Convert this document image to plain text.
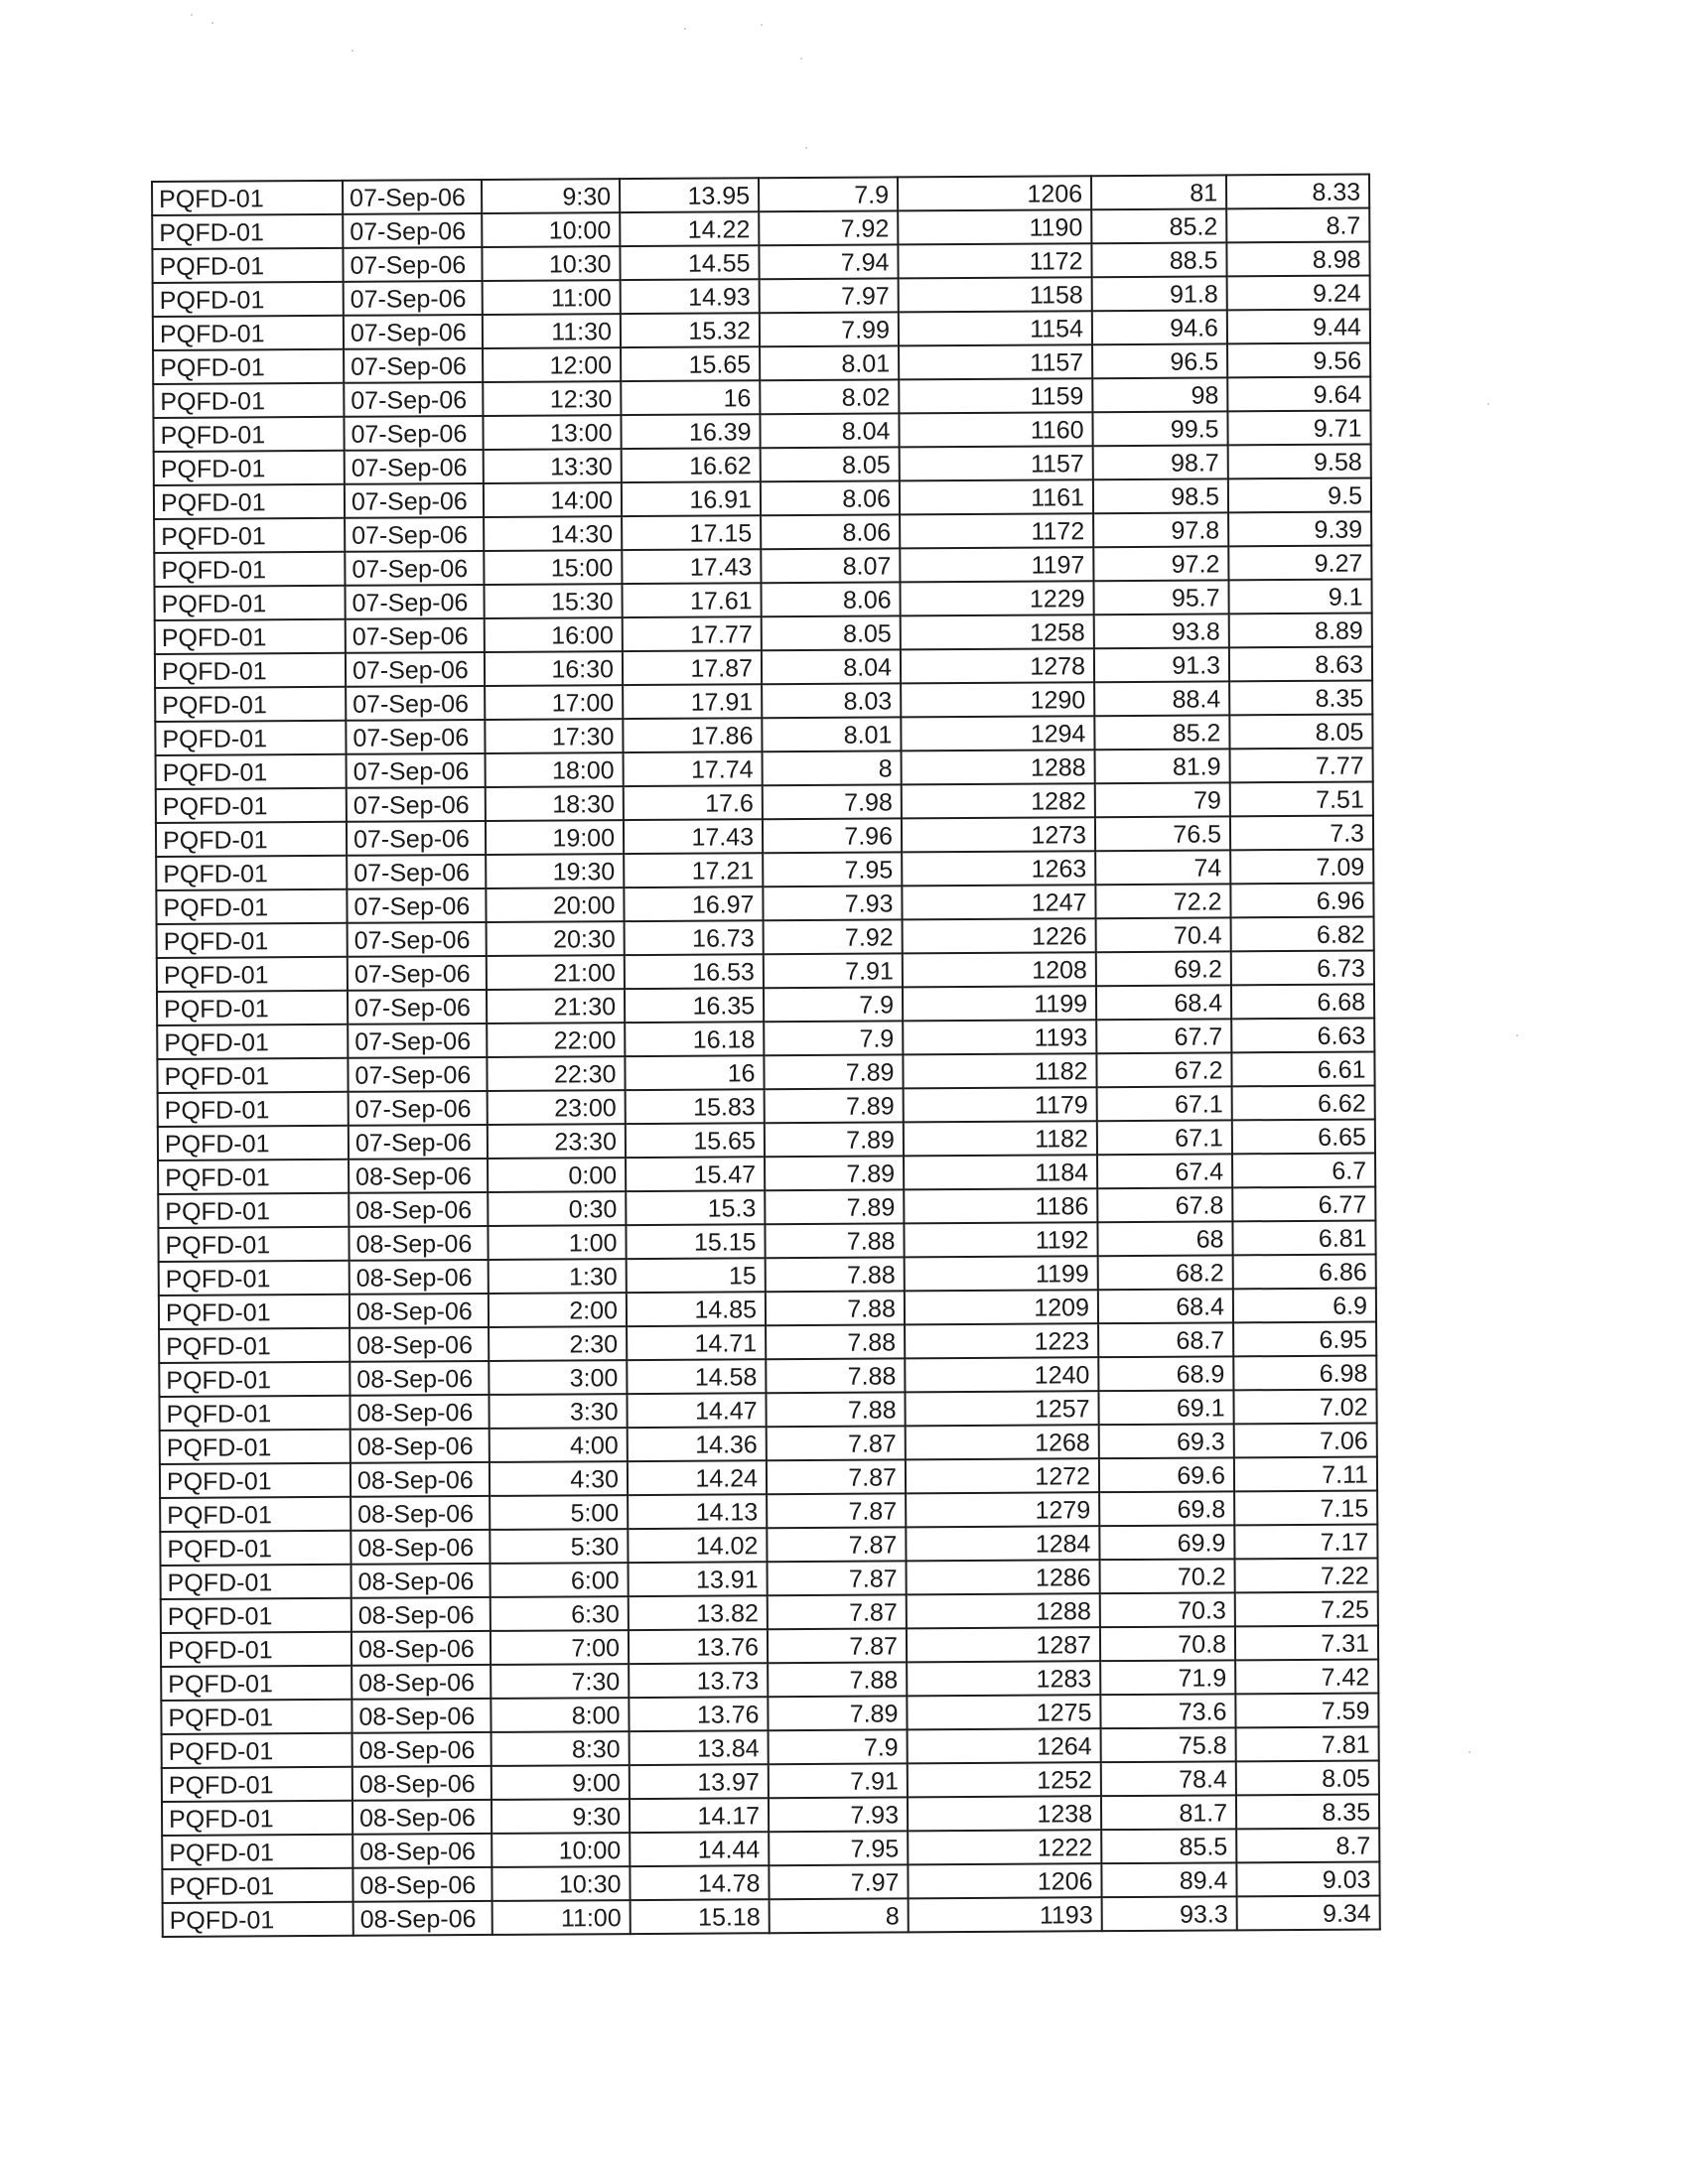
PQFD-01	07-Sep-06	9:30	13.95	7.9	1206	81	8.33
PQFD-01	07-Sep-06	10:00	14.22	7.92	1190	85.2	8.7
PQFD-01	07-Sep-06	10:30	14.55	7.94	1172	88.5	8.98
PQFD-01	07-Sep-06	11:00	14.93	7.97	1158	91.8	9.24
PQFD-01	07-Sep-06	11:30	15.32	7.99	1154	94.6	9.44
PQFD-01	07-Sep-06	12:00	15.65	8.01	1157	96.5	9.56
PQFD-01	07-Sep-06	12:30	16	8.02	1159	98	9.64
PQFD-01	07-Sep-06	13:00	16.39	8.04	1160	99.5	9.71
PQFD-01	07-Sep-06	13:30	16.62	8.05	1157	98.7	9.58
PQFD-01	07-Sep-06	14:00	16.91	8.06	1161	98.5	9.5
PQFD-01	07-Sep-06	14:30	17.15	8.06	1172	97.8	9.39
PQFD-01	07-Sep-06	15:00	17.43	8.07	1197	97.2	9.27
PQFD-01	07-Sep-06	15:30	17.61	8.06	1229	95.7	9.1
PQFD-01	07-Sep-06	16:00	17.77	8.05	1258	93.8	8.89
PQFD-01	07-Sep-06	16:30	17.87	8.04	1278	91.3	8.63
PQFD-01	07-Sep-06	17:00	17.91	8.03	1290	88.4	8.35
PQFD-01	07-Sep-06	17:30	17.86	8.01	1294	85.2	8.05
PQFD-01	07-Sep-06	18:00	17.74	8	1288	81.9	7.77
PQFD-01	07-Sep-06	18:30	17.6	7.98	1282	79	7.51
PQFD-01	07-Sep-06	19:00	17.43	7.96	1273	76.5	7.3
PQFD-01	07-Sep-06	19:30	17.21	7.95	1263	74	7.09
PQFD-01	07-Sep-06	20:00	16.97	7.93	1247	72.2	6.96
PQFD-01	07-Sep-06	20:30	16.73	7.92	1226	70.4	6.82
PQFD-01	07-Sep-06	21:00	16.53	7.91	1208	69.2	6.73
PQFD-01	07-Sep-06	21:30	16.35	7.9	1199	68.4	6.68
PQFD-01	07-Sep-06	22:00	16.18	7.9	1193	67.7	6.63
PQFD-01	07-Sep-06	22:30	16	7.89	1182	67.2	6.61
PQFD-01	07-Sep-06	23:00	15.83	7.89	1179	67.1	6.62
PQFD-01	07-Sep-06	23:30	15.65	7.89	1182	67.1	6.65
PQFD-01	08-Sep-06	0:00	15.47	7.89	1184	67.4	6.7
PQFD-01	08-Sep-06	0:30	15.3	7.89	1186	67.8	6.77
PQFD-01	08-Sep-06	1:00	15.15	7.88	1192	68	6.81
PQFD-01	08-Sep-06	1:30	15	7.88	1199	68.2	6.86
PQFD-01	08-Sep-06	2:00	14.85	7.88	1209	68.4	6.9
PQFD-01	08-Sep-06	2:30	14.71	7.88	1223	68.7	6.95
PQFD-01	08-Sep-06	3:00	14.58	7.88	1240	68.9	6.98
PQFD-01	08-Sep-06	3:30	14.47	7.88	1257	69.1	7.02
PQFD-01	08-Sep-06	4:00	14.36	7.87	1268	69.3	7.06
PQFD-01	08-Sep-06	4:30	14.24	7.87	1272	69.6	7.11
PQFD-01	08-Sep-06	5:00	14.13	7.87	1279	69.8	7.15
PQFD-01	08-Sep-06	5:30	14.02	7.87	1284	69.9	7.17
PQFD-01	08-Sep-06	6:00	13.91	7.87	1286	70.2	7.22
PQFD-01	08-Sep-06	6:30	13.82	7.87	1288	70.3	7.25
PQFD-01	08-Sep-06	7:00	13.76	7.87	1287	70.8	7.31
PQFD-01	08-Sep-06	7:30	13.73	7.88	1283	71.9	7.42
PQFD-01	08-Sep-06	8:00	13.76	7.89	1275	73.6	7.59
PQFD-01	08-Sep-06	8:30	13.84	7.9	1264	75.8	7.81
PQFD-01	08-Sep-06	9:00	13.97	7.91	1252	78.4	8.05
PQFD-01	08-Sep-06	9:30	14.17	7.93	1238	81.7	8.35
PQFD-01	08-Sep-06	10:00	14.44	7.95	1222	85.5	8.7
PQFD-01	08-Sep-06	10:30	14.78	7.97	1206	89.4	9.03
PQFD-01	08-Sep-06	11:00	15.18	8	1193	93.3	9.34
